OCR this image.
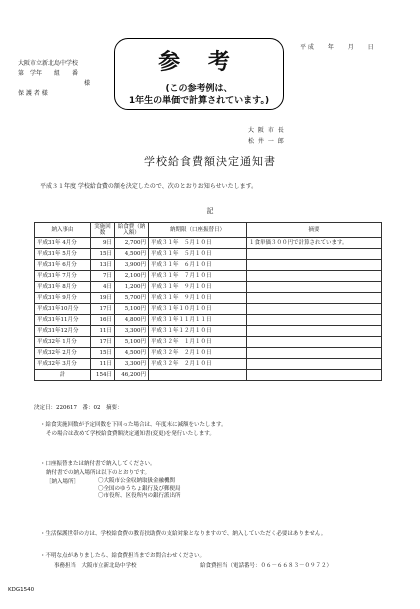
平 成　　 年　　 月　　 日
大阪市立新北島中学校
第　学年　　組　　番
様
保 護 者 様
参 考
(この参考例は、
1年生の単価で計算されています。)
大 阪 市 長
松 井 一 郎
学校給食費額決定通知書
平成３１年度 学校給食費の額を決定したので、次のとおりお知らせいたします。
記
納入事由	実施回数	給食費（納入額）	納期限（口座振替日）	摘要
平成31年 4月分	9日	2,700円	平成３１年　５月１０日	１食単価３００円で計算されています。
平成31年 5月分	15日	4,500円	平成３１年　５月１０日	
平成31年 6月分	13日	3,900円	平成３１年　６月１０日	
平成31年 7月分	7日	2,100円	平成３１年　７月１０日	
平成31年 8月分	4日	1,200円	平成３１年　９月１０日	
平成31年 9月分	19日	5,700円	平成３１年　９月１０日	
平成31年10月分	17日	5,100円	平成３１年１０月１０日	
平成31年11月分	16日	4,800円	平成３１年１１月１１日	
平成31年12月分	11日	3,300円	平成３１年１２月１０日	
平成32年 1月分	17日	5,100円	平成３２年　１月１０日	
平成32年 2月分	15日	4,500円	平成３２年　２月１０日	
平成32年 3月分	11日	3,300円	平成３２年　２月１０日	
計	154日	46,200円		
決定日：220617　番：02　摘要：
・給食実施回数が予定回数を下回った場合は、年度末に減額をいたします。
その場合は改めて学校給食費額決定通知書(変更)を発行いたします。
・口座振替または納付書で納入してください。
納付書での納入場所は以下のとおりです。
［納入場所］	〇大阪市公金収納取扱金融機関
〇全国のゆうちょ銀行及び郵便局
〇市役所、区役所内の銀行派出所
・生活保護世帯の方は、学校給食費の教育扶助費の支給対象となりますので、納入していただく必要はありません。
・不明な点がありましたら、給食費担当までお問合わせください。
事務担当　大阪市立新北島中学校	給食費担当（電話番号：０６－６６８３－０９７２）
KDG1540
